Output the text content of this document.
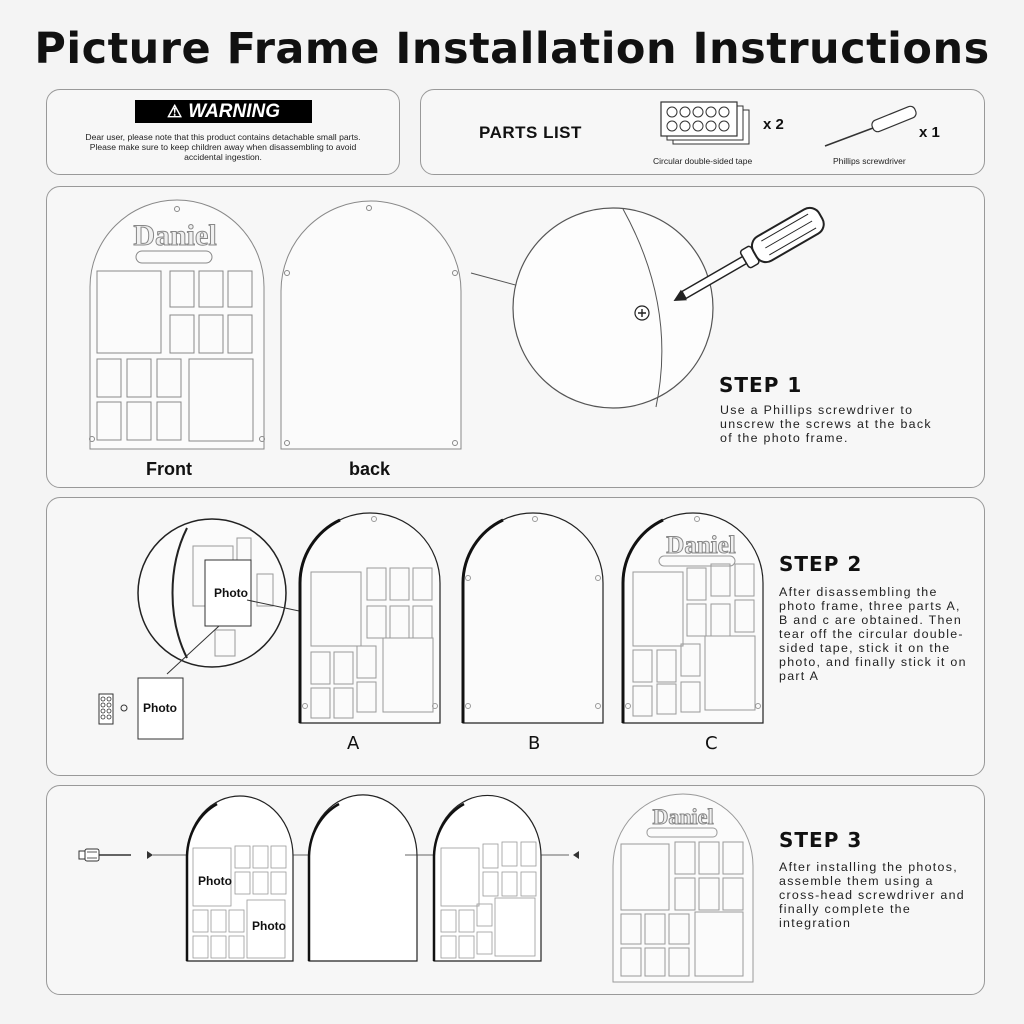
Picture Frame Installation Instructions
⚠ WARNING
Dear user, please note that this product contains detachable small parts. Please make sure to keep children away when disassembling to avoid accidental ingestion.
PARTS LIST	x 2	x 1
Circular double-sided tape	Phillips screwdriver
Daniel
Front	back
STEP 1
Use a Phillips screwdriver to unscrew the screws at the back of the photo frame.
Daniel
Photo
Photo
A	B	C
STEP 2
After disassembling the photo frame, three parts A, B and c are obtained. Then tear off the circular double-sided tape, stick it on the photo, and finally stick it on part A
Daniel
Photo
Photo
STEP 3
After installing the photos, assemble them using a cross-head screwdriver and finally complete the integration
